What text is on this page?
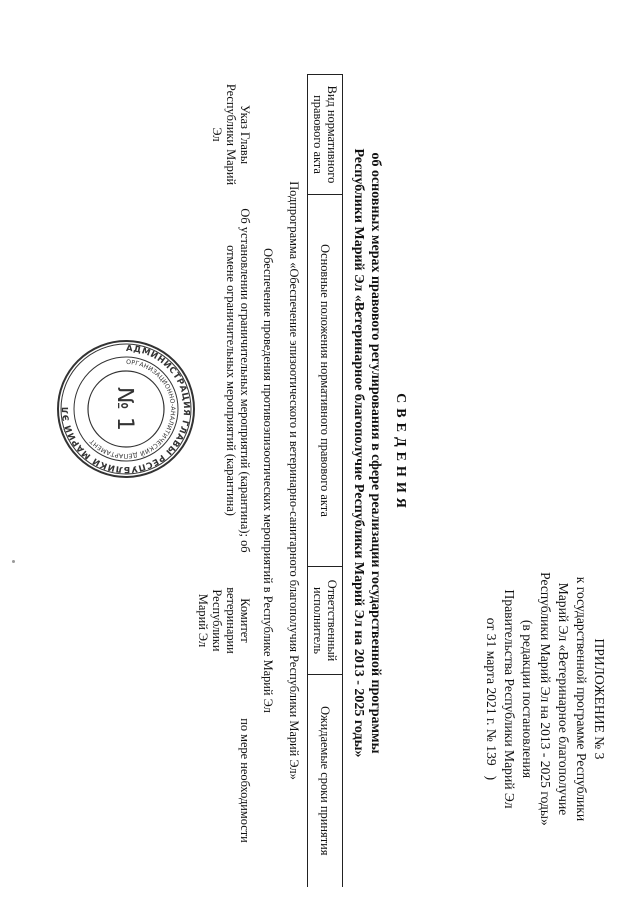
ПРИЛОЖЕНИЕ № 3
к государственной программе Республики
Марий Эл «Ветеринарное благополучие
Республики Марий Эл на 2013 - 2025 годы»
(в редакции постановления
Правительства Республики Марий Эл
от 31 марта 2021 г. № 139)
СВЕДЕНИЯ
об основных мерах правового регулирования в сфере реализации государственной программы
Республики Марий Эл «Ветеринарное благополучие Республики Марий Эл на 2013 - 2025 годы»
Вид нормативного правового акта	Основные положения нормативного правового акта	Ответственный исполнитель	Ожидаемые сроки принятия
Подпрограмма «Обеспечение эпизоотического и ветеринарно-санитарного благополучия Республики Марий Эл»			
Обеспечение проведения противоэпизоотических мероприятий в Республике Марий Эл			
Указ Главы Республики Марий Эл	Об установлении ограничительных мероприятий (карантина); об отмене ограничительных мероприятий (карантина)	Комитет ветеринарии Республики Марий Эл	по мере необходимости
АДМИНИСТРАЦИЯ ГЛАВЫ РЕСПУБЛИКИ МАРИЙ ЭЛ
ОРГАНИЗАЦИОННО-АНАЛИТИЧЕСКИЙ ДЕПАРТАМЕНТ
№ 1
